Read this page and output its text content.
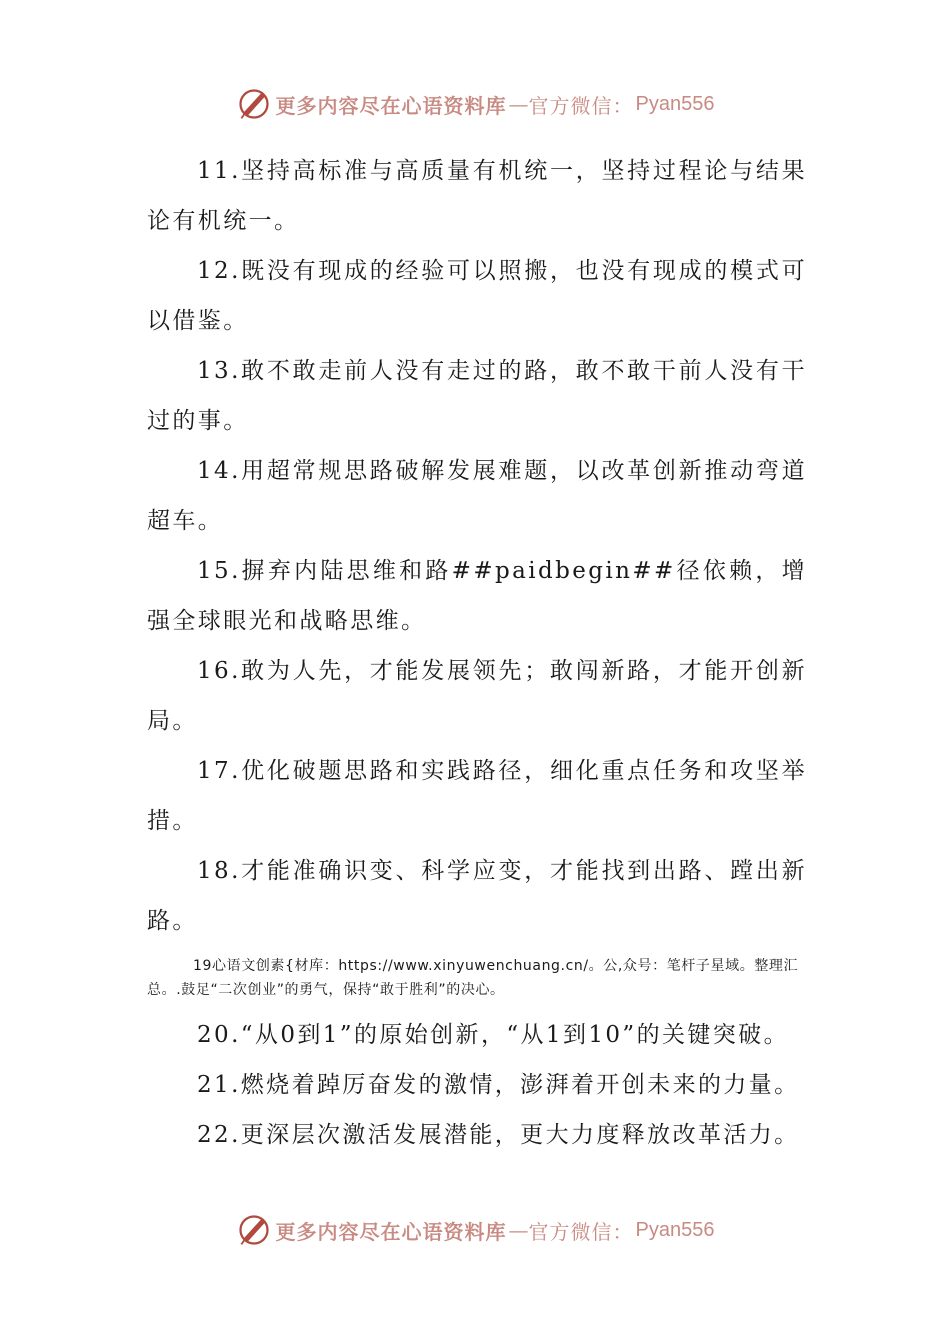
更多内容尽在心语资料库 — 官方微信： Pyan556

11.坚持高标准与高质量有机统一，坚持过程论与结果论有机统一。

12.既没有现成的经验可以照搬，也没有现成的模式可以借鉴。

13.敢不敢走前人没有走过的路，敢不敢干前人没有干过的事。

14.用超常规思路破解发展难题，以改革创新推动弯道超车。

15.摒弃内陆思维和路##paidbegin##径依赖，增强全球眼光和战略思维。

16.敢为人先，才能发展领先；敢闯新路，才能开创新局。

17.优化破题思路和实践路径，细化重点任务和攻坚举措。

18.才能准确识变、科学应变，才能找到出路、蹚出新路。

19心语文创素{材库：https://www.xinyuwenchuang.cn/。公,众号：笔杆子星域。整理汇总。.鼓足“二次创业”的勇气，保持“敢于胜利”的决心。

20.“从0到1”的原始创新，“从1到10”的关键突破。

21.燃烧着踔厉奋发的激情，澎湃着开创未来的力量。

22.更深层次激活发展潜能，更大力度释放改革活力。

更多内容尽在心语资料库 — 官方微信： Pyan556
